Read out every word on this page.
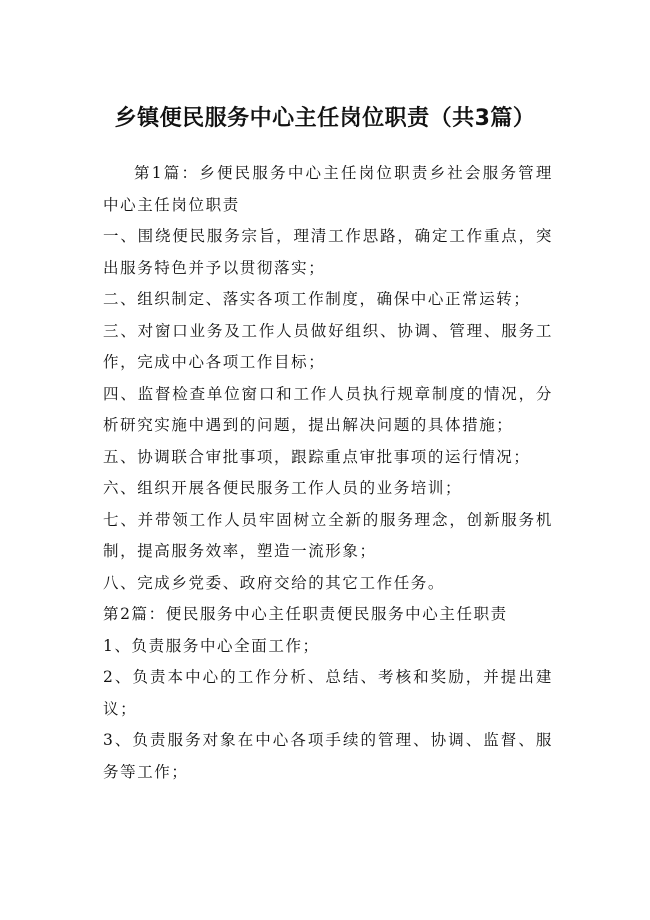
乡镇便民服务中心主任岗位职责（共3篇）

第1篇：乡便民服务中心主任岗位职责乡社会服务管理中心主任岗位职责

一、围绕便民服务宗旨，理清工作思路，确定工作重点，突出服务特色并予以贯彻落实；

二、组织制定、落实各项工作制度，确保中心正常运转；

三、对窗口业务及工作人员做好组织、协调、管理、服务工作，完成中心各项工作目标；

四、监督检查单位窗口和工作人员执行规章制度的情况，分析研究实施中遇到的问题，提出解决问题的具体措施；

五、协调联合审批事项，跟踪重点审批事项的运行情况；

六、组织开展各便民服务工作人员的业务培训；

七、并带领工作人员牢固树立全新的服务理念，创新服务机制，提高服务效率，塑造一流形象；

八、完成乡党委、政府交给的其它工作任务。

第2篇：便民服务中心主任职责便民服务中心主任职责

1、负责服务中心全面工作；

2、负责本中心的工作分析、总结、考核和奖励，并提出建议；

3、负责服务对象在中心各项手续的管理、协调、监督、服务等工作；
